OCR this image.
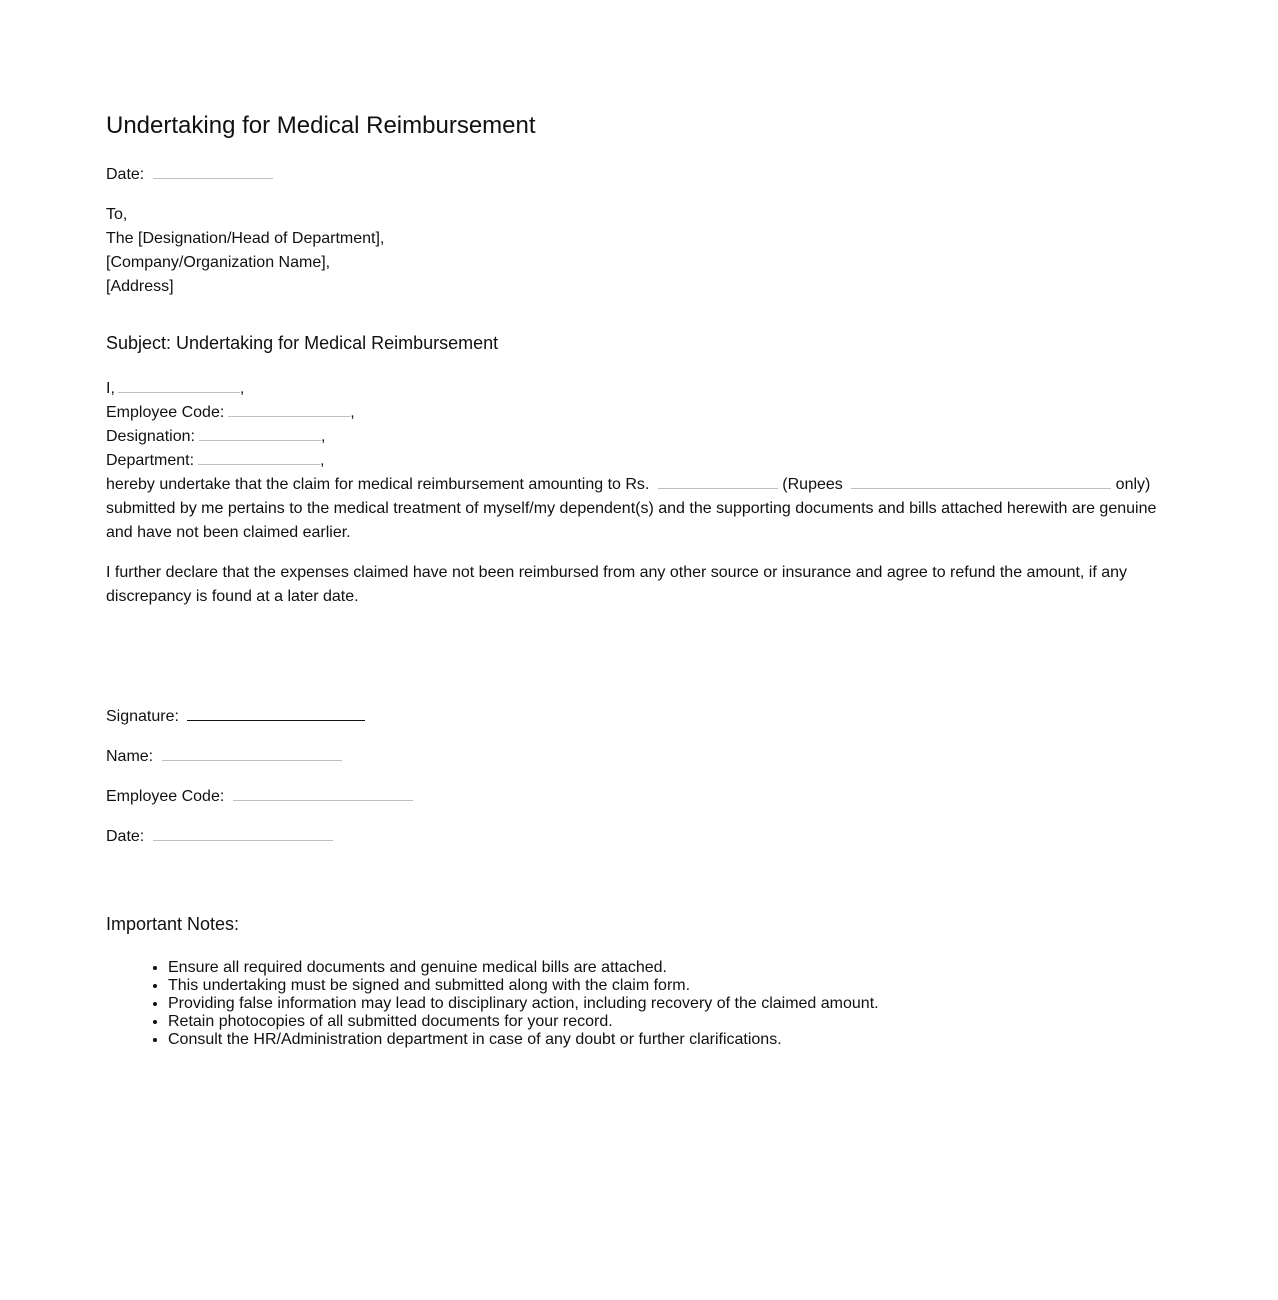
Undertaking for Medical Reimbursement
Date:
To,
The [Designation/Head of Department],
[Company/Organization Name],
[Address]
Subject: Undertaking for Medical Reimbursement
I,	,
Employee Code:	,
Designation:	,
Department:	,
hereby undertake that the claim for medical reimbursement amounting to Rs.	(Rupees	only)

submitted by me pertains to the medical treatment of myself/my dependent(s) and the supporting documents and bills attached herewith are genuine and have not been claimed earlier.

I further declare that the expenses claimed have not been reimbursed from any other source or insurance and agree to refund the amount, if any discrepancy is found at a later date.

Signature:
Name:
Employee Code:
Date:
Important Notes:
• Ensure all required documents and genuine medical bills are attached.
• This undertaking must be signed and submitted along with the claim form.
• Providing false information may lead to disciplinary action, including recovery of the claimed amount.
• Retain photocopies of all submitted documents for your record.
• Consult the HR/Administration department in case of any doubt or further clarifications.
